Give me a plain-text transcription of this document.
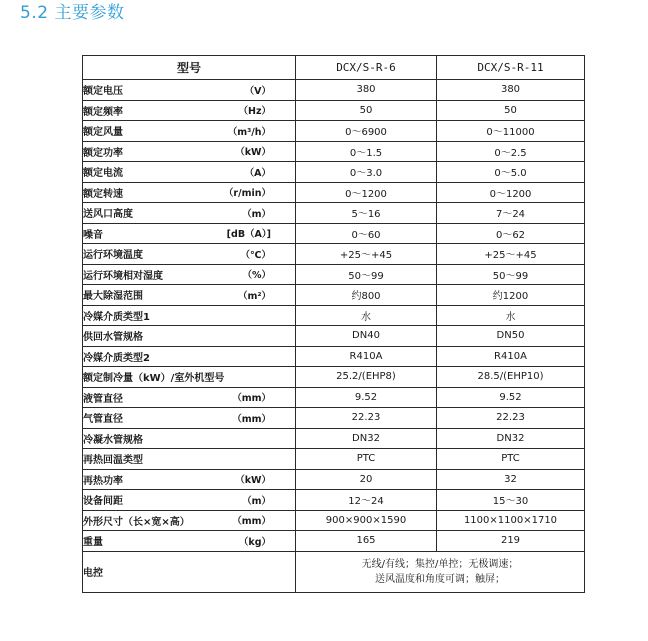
5.2 主要参数
型号	DCX/S-R-6	DCX/S-R-11
额定电压 （V）	380	380
额定频率 （Hz）	50	50
额定风量 （m³/h）	0～6900	0～11000
额定功率 （kW）	0～1.5	0～2.5
额定电流 （A）	0～3.0	0～5.0
额定转速 （r/min）	0～1200	0～1200
送风口高度 （m）	5～16	7～24
噪音 [dB（A）]	0～60	0～62
运行环境温度 （℃）	+25～+45	+25～+45
运行环境相对湿度 （%）	50～99	50～99
最大除湿范围 （m²）	约800	约1200
冷媒介质类型1	水	水
供回水管规格	DN40	DN50
冷媒介质类型2	R410A	R410A
额定制冷量（kW）/室外机型号	25.2/(EHP8)	28.5/(EHP10)
液管直径 （mm）	9.52	9.52
气管直径 （mm）	22.23	22.23
冷凝水管规格	DN32	DN32
再热回温类型	PTC	PTC
再热功率 （kW）	20	32
设备间距 （m）	12～24	15～30
外形尺寸（长×宽×高） （mm）	900×900×1590	1100×1100×1710
重量 （kg）	165	219
电控	无线/有线；集控/单控；无极调速；
送风温度和角度可调；触屏；	
